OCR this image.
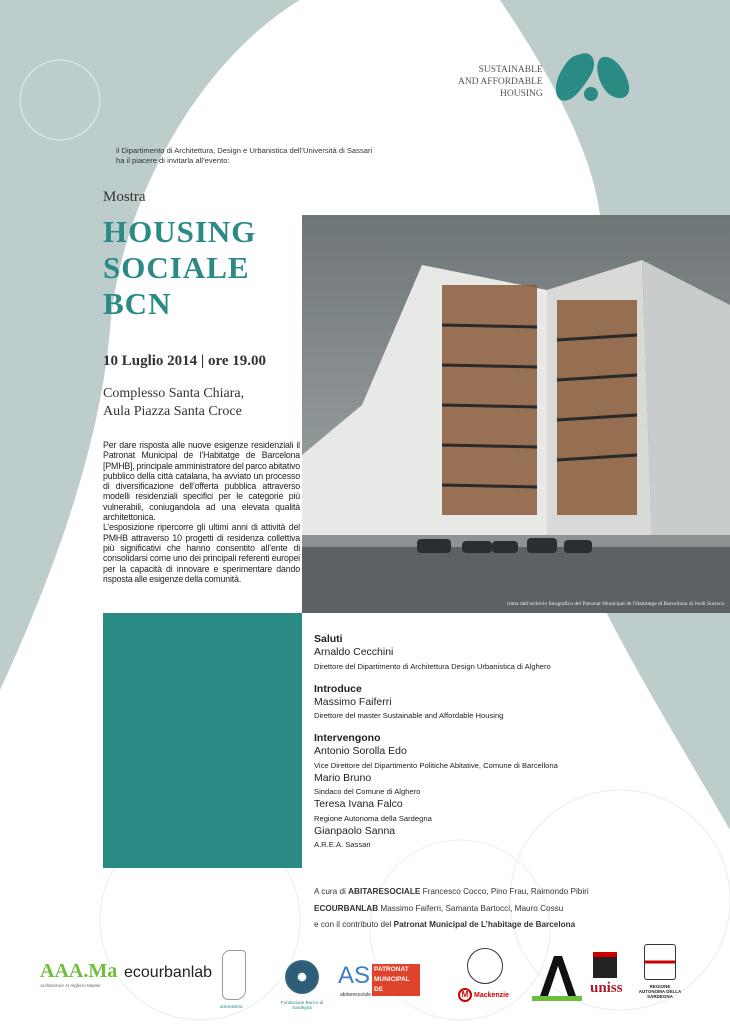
SUSTAINABLE
AND AFFORDABLE
HOUSING
il Dipartimento di Architettura, Design e Urbanistica dell’Università di Sassari
ha il piacere di invitarla all’evento:
Mostra
HOUSING
SOCIALE
BCN
10 Luglio 2014 | ore 19.00
Complesso Santa Chiara,
Aula Piazza Santa Croce

Per dare risposta alle nuove esigenze residenziali il Patronat Municipal de l’Habitatge de Barcelona [PMHB], principale amministratore del parco abitativo pubblico della città catalana, ha avviato un processo di diversificazione dell’offerta pubblica attraverso modelli residenziali specifici per le categorie più vulnerabili, coniugandola ad una elevata qualità architettonica.

L’esposizione ripercorre gli ultimi anni di attività del PMHB attraverso 10 progetti di residenza collettiva più significativi che hanno consentito all’ente di consolidarsi come uno dei principali referenti europei per la capacità di innovare e sperimentare dando risposta alle esigenze della comunità.

tratta dall'archivio fotografico del Patronat Municipal de l'Habitatge di Barcellona di Jordi Surroca
Saluti
Arnaldo Cecchini
Direttore del Dipartimento di Architettura Design Urbanistica di Alghero
Introduce
Massimo Faiferri
Direttore del master Sustainable and Affordable Housing
Intervengono
Antonio Sorolla Edo
Vice Direttore del Dipartimento Politiche Abitative, Comune di Barcellona
Mario Bruno
Sindaco del Comune di Alghero
Teresa Ivana Falco
Regione Autonoma della Sardegna
Gianpaolo Sanna
A.R.E.A. Sassari
A cura di ABITARESOCIALE Francesco Cocco, Pino Frau, Raimondo Pibiri
ECOURBANLAB Massimo Faiferri, Samanta Bartocci, Mauro Cossu
e con il contributo del Patronat Municipal de L’habitage de Barcelona
AAA.Ma
Architecture At Alghero Master
ecourbanlab
artemastria
Fondazione Banco di Sardegna
AS
abitaresociale
PATRONAT
MUNICIPAL DE
L'HABITATGE
M Mackenzie	uniss	REGIONE AUTONOMA DELLA SARDEGNA
